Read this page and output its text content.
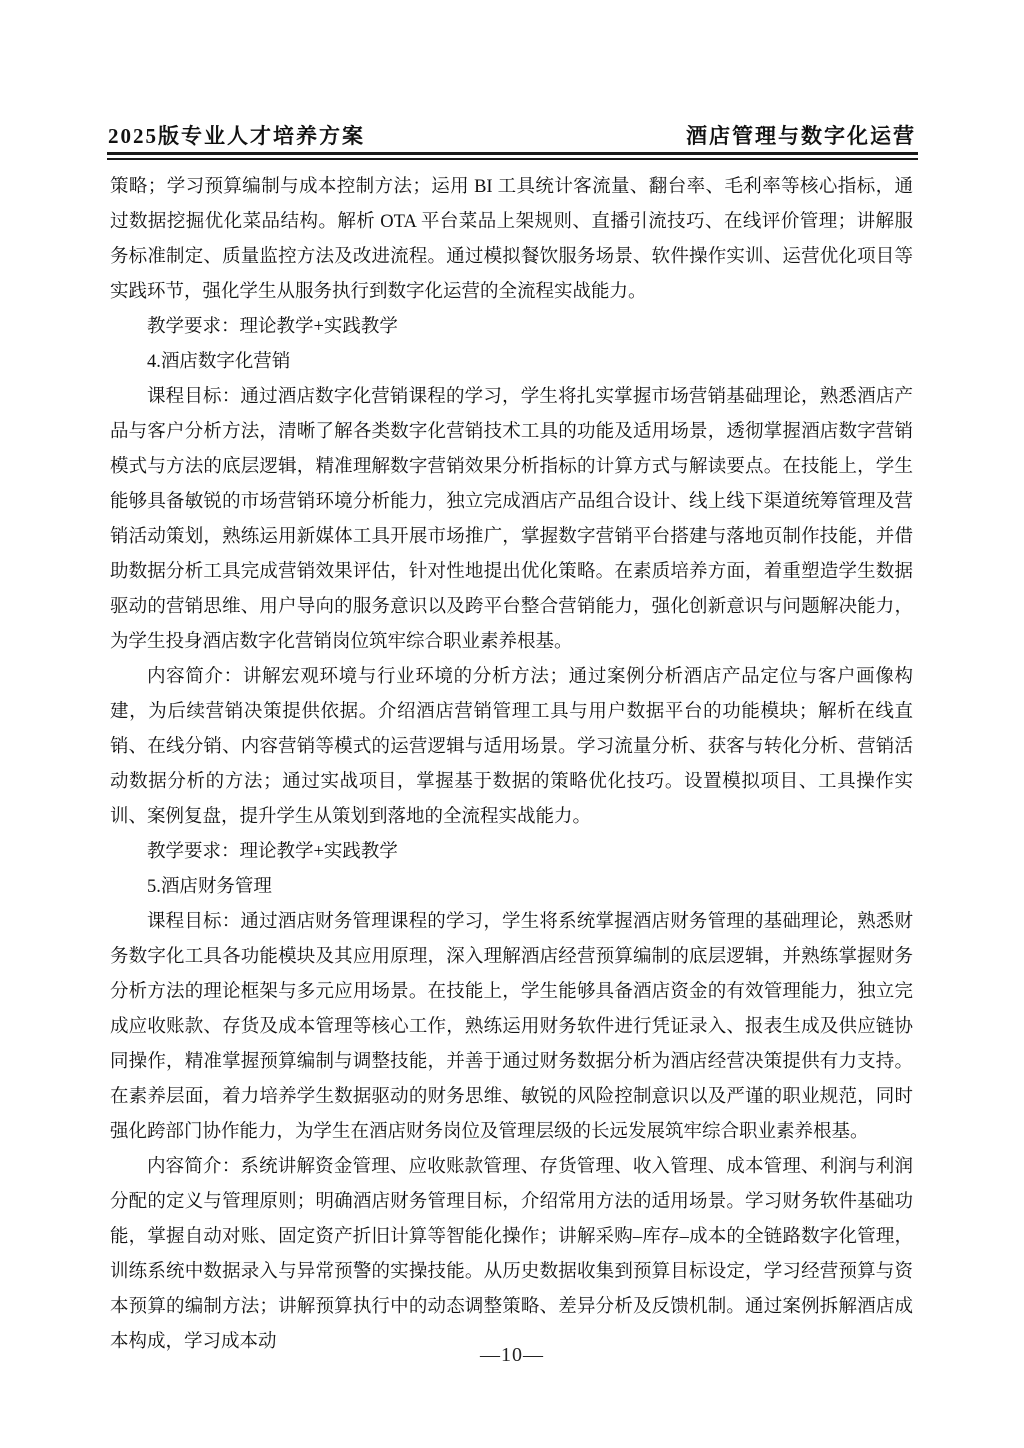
2025版专业人才培养方案	酒店管理与数字化运营

策略；学习预算编制与成本控制方法；运用 BI 工具统计客流量、翻台率、毛利率等核心指标，通过数据挖掘优化菜品结构。解析 OTA 平台菜品上架规则、直播引流技巧、在线评价管理；讲解服务标准制定、质量监控方法及改进流程。通过模拟餐饮服务场景、软件操作实训、运营优化项目等实践环节，强化学生从服务执行到数字化运营的全流程实战能力。

教学要求：理论教学+实践教学

4.酒店数字化营销

课程目标：通过酒店数字化营销课程的学习，学生将扎实掌握市场营销基础理论，熟悉酒店产品与客户分析方法，清晰了解各类数字化营销技术工具的功能及适用场景，透彻掌握酒店数字营销模式与方法的底层逻辑，精准理解数字营销效果分析指标的计算方式与解读要点。在技能上，学生能够具备敏锐的市场营销环境分析能力，独立完成酒店产品组合设计、线上线下渠道统筹管理及营销活动策划，熟练运用新媒体工具开展市场推广，掌握数字营销平台搭建与落地页制作技能，并借助数据分析工具完成营销效果评估，针对性地提出优化策略。在素质培养方面，着重塑造学生数据驱动的营销思维、用户导向的服务意识以及跨平台整合营销能力，强化创新意识与问题解决能力，为学生投身酒店数字化营销岗位筑牢综合职业素养根基。

内容简介：讲解宏观环境与行业环境的分析方法；通过案例分析酒店产品定位与客户画像构建，为后续营销决策提供依据。介绍酒店营销管理工具与用户数据平台的功能模块；解析在线直销、在线分销、内容营销等模式的运营逻辑与适用场景。学习流量分析、获客与转化分析、营销活动数据分析的方法；通过实战项目，掌握基于数据的策略优化技巧。设置模拟项目、工具操作实训、案例复盘，提升学生从策划到落地的全流程实战能力。

教学要求：理论教学+实践教学

5.酒店财务管理

课程目标：通过酒店财务管理课程的学习，学生将系统掌握酒店财务管理的基础理论，熟悉财务数字化工具各功能模块及其应用原理，深入理解酒店经营预算编制的底层逻辑，并熟练掌握财务分析方法的理论框架与多元应用场景。在技能上，学生能够具备酒店资金的有效管理能力，独立完成应收账款、存货及成本管理等核心工作，熟练运用财务软件进行凭证录入、报表生成及供应链协同操作，精准掌握预算编制与调整技能，并善于通过财务数据分析为酒店经营决策提供有力支持。在素养层面，着力培养学生数据驱动的财务思维、敏锐的风险控制意识以及严谨的职业规范，同时强化跨部门协作能力，为学生在酒店财务岗位及管理层级的长远发展筑牢综合职业素养根基。

内容简介：系统讲解资金管理、应收账款管理、存货管理、收入管理、成本管理、利润与利润分配的定义与管理原则；明确酒店财务管理目标，介绍常用方法的适用场景。学习财务软件基础功能，掌握自动对账、固定资产折旧计算等智能化操作；讲解采购–库存–成本的全链路数字化管理，训练系统中数据录入与异常预警的实操技能。从历史数据收集到预算目标设定，学习经营预算与资本预算的编制方法；讲解预算执行中的动态调整策略、差异分析及反馈机制。通过案例拆解酒店成本构成，学习成本动

—10—
